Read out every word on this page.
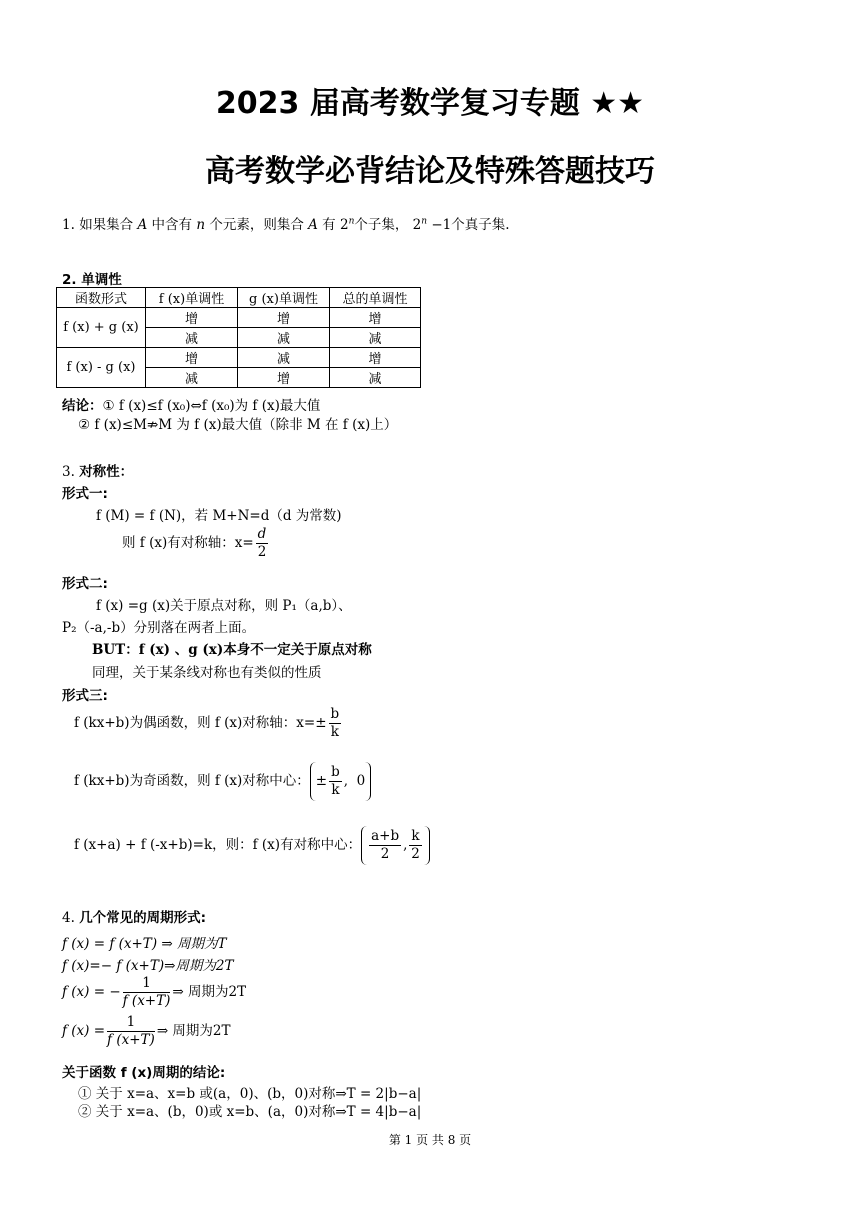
2023 届高考数学复习专题 ★★
高考数学必背结论及特殊答题技巧
1. 如果集合 A 中含有 n 个元素，则集合 A 有 2$^n$个子集， $2^n -1$个真子集.
2. 单调性
函数形式	f (x)单调性	g (x)单调性	总的单调性
f (x) + g (x)	增	增	增
	减	减	减
f (x) - g (x)	增	减	增
	减	增	减
结论：① f (x)≤f (x₀)⇔f (x₀)为 f (x)最大值
② f (x)≤M⇏M 为 f (x)最大值（除非 M 在 f (x)上）
3. 对称性：
形式一:
f (M) = f (N)，若 M+N=d（d 为常数)
则 f (x)有对称轴：$x= \frac{d}{2}$
形式二:
f (x) =g (x)关于原点对称，则 P₁（a,b）、
P₂（-a,-b）分别落在两者上面。
BUT：f (x) 、g (x)本身不一定关于原点对称
同理，关于某条线对称也有类似的性质
形式三:
f (kx+b)为偶函数，则 f (x)对称轴：$x=\pm \frac{b}{k}$
f (kx+b)为奇函数，则 f (x)对称中心： ± $\frac{b}{k}$ , 0
f (x+a) + f (-x+b)=k，则：f (x)有对称中心： $\frac{a+b}{2}$ , $\frac{k}{2}$
4. 几个常见的周期形式:
f (x) = f (x+T) ⇒ 周期为T
f (x)=− f (x+T)⇒周期为2T
f (x) = − $\frac{1}{f (x+T)}$ ⇒ 周期为2T
f $(x) = \frac{1}{f (x+T)}$ ⇒ 周期为2T
关于函数 f (x)周期的结论:
① 关于 x=a、x=b 或(a，0)、(b，0)对称⇒T = 2|b−a|
② 关于 x=a、(b，0)或 x=b、(a，0)对称⇒T = 4|b−a|
第 1 页 共 8 页
